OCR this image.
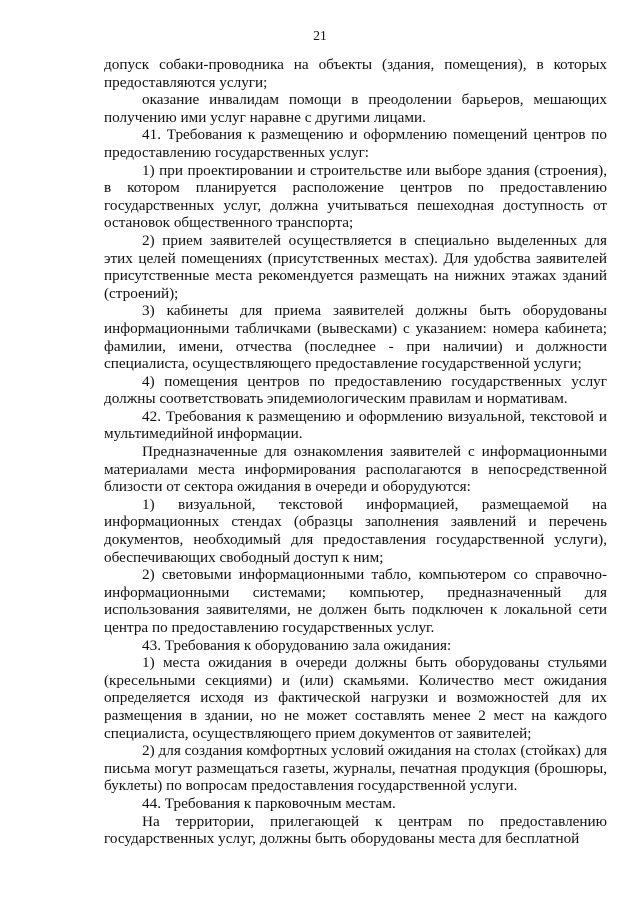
21

допуск собаки-проводника на объекты (здания, помещения), в которых предоставляются услуги;

оказание инвалидам помощи в преодолении барьеров, мешающих получению ими услуг наравне с другими лицами.

41. Требования к размещению и оформлению помещений центров по предоставлению государственных услуг:

1) при проектировании и строительстве или выборе здания (строения), в котором планируется расположение центров по предоставлению государственных услуг, должна учитываться пешеходная доступность от остановок общественного транспорта;

2) прием заявителей осуществляется в специально выделенных для этих целей помещениях (присутственных местах). Для удобства заявителей присутственные места рекомендуется размещать на нижних этажах зданий (строений);

3) кабинеты для приема заявителей должны быть оборудованы информационными табличками (вывесками) с указанием: номера кабинета; фамилии, имени, отчества (последнее - при наличии) и должности специалиста, осуществляющего предоставление государственной услуги;

4) помещения центров по предоставлению государственных услуг должны соответствовать эпидемиологическим правилам и нормативам.

42. Требования к размещению и оформлению визуальной, текстовой и мультимедийной информации.

Предназначенные для ознакомления заявителей с информационными материалами места информирования располагаются в непосредственной близости от сектора ожидания в очереди и оборудуются:

1) визуальной, текстовой информацией, размещаемой на информационных стендах (образцы заполнения заявлений и перечень документов, необходимый для предоставления государственной услуги), обеспечивающих свободный доступ к ним;

2) световыми информационными табло, компьютером со справочно-информационными системами; компьютер, предназначенный для использования заявителями, не должен быть подключен к локальной сети центра по предоставлению государственных услуг.

43. Требования к оборудованию зала ожидания:

1) места ожидания в очереди должны быть оборудованы стульями (кресельными секциями) и (или) скамьями. Количество мест ожидания определяется исходя из фактической нагрузки и возможностей для их размещения в здании, но не может составлять менее 2 мест на каждого специалиста, осуществляющего прием документов от заявителей;

2) для создания комфортных условий ожидания на столах (стойках) для письма могут размещаться газеты, журналы, печатная продукция (брошюры, буклеты) по вопросам предоставления государственной услуги.

44. Требования к парковочным местам.

На территории, прилегающей к центрам по предоставлению государственных услуг, должны быть оборудованы места для бесплатной
